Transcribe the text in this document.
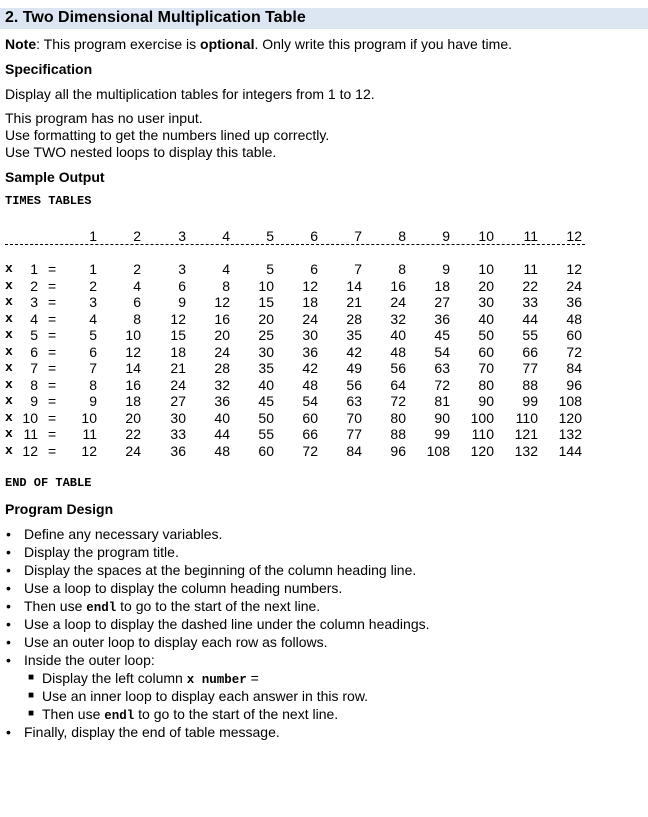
2. Two Dimensional Multiplication Table
Note: This program exercise is optional. Only write this program if you have time.
Specification
Display all the multiplication tables for integers from 1 to 12.
This program has no user input.
Use formatting to get the numbers lined up correctly.
Use TWO nested loops to display this table.
Sample Output
TIMES TABLES
1	2	3	4	5	6	7	8	9 10 11 12
x 1 = 1	2	3	4	5	6	7	8	9 10 11 12
x 2 = 2	4	6	8 10 12 14 16 18 20 22 24
x 3 = 3	6	9 12 15 18 21 24 27 30 33 36
x 4 = 4	8 12 16 20 24 28 32 36 40 44 48
x 5 = 5 10 15 20 25 30 35 40 45 50 55 60
x 6 = 6 12 18 24 30 36 42 48 54 60 66 72
x 7 = 7 14 21 28 35 42 49 56 63 70 77 84
x 8 = 8 16 24 32 40 48 56 64 72 80 88 96
x 9 = 9 18 27 36 45 54 63 72 81 90 99 108
x 10 = 10 20 30 40 50 60 70 80 90 100 110 120
x 11 = 11 22 33 44 55 66 77 88 99 110 121 132
x 12 = 12 24 36 48 60 72 84 96 108 120 132 144
END OF TABLE
Program Design
• Define any necessary variables.
• Display the program title.
• Display the spaces at the beginning of the column heading line.
• Use a loop to display the column heading numbers.
• Then use endl to go to the start of the next line.
• Use a loop to display the dashed line under the column headings.
• Use an outer loop to display each row as follows.
• Inside the outer loop:
■ Display the left column x number =
■ Use an inner loop to display each answer in this row.
■ Then use endl to go to the start of the next line.
• Finally, display the end of table message.
